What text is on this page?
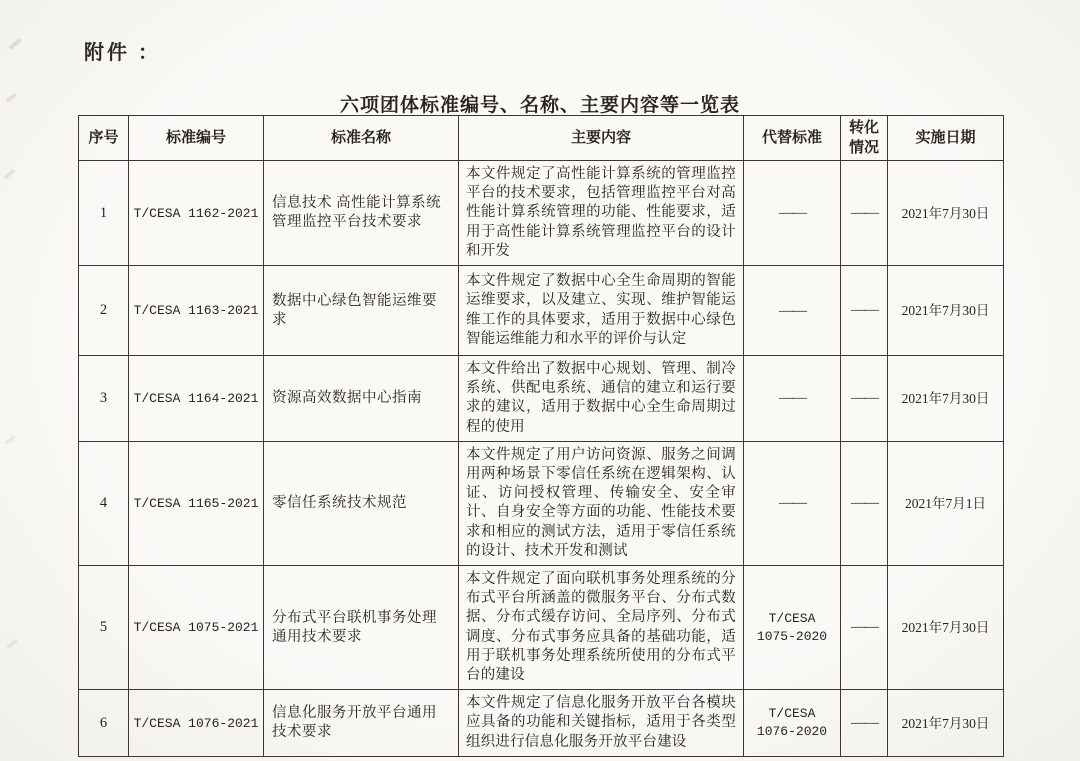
附件 ：
六项团体标准编号、名称、主要内容等一览表
序号	标准编号	标准名称	主要内容	代替标准	转化情况	实施日期
1	T/CESA 1162-2021	信息技术 高性能计算系统管理监控平台技术要求	本文件规定了高性能计算系统的管理监控平台的技术要求，包括管理监控平台对高性能计算系统管理的功能、性能要求，适用于高性能计算系统管理监控平台的设计和开发	——	——	2021年7月30日
2	T/CESA 1163-2021	数据中心绿色智能运维要求	本文件规定了数据中心全生命周期的智能运维要求，以及建立、实现、维护智能运维工作的具体要求，适用于数据中心绿色智能运维能力和水平的评价与认定	——	——	2021年7月30日
3	T/CESA 1164-2021	资源高效数据中心指南	本文件给出了数据中心规划、管理、制冷系统、供配电系统、通信的建立和运行要求的建议，适用于数据中心全生命周期过程的使用	——	——	2021年7月30日
4	T/CESA 1165-2021	零信任系统技术规范	本文件规定了用户访问资源、服务之间调用两种场景下零信任系统在逻辑架构、认证、访问授权管理、传输安全、安全审计、自身安全等方面的功能、性能技术要求和相应的测试方法，适用于零信任系统的设计、技术开发和测试	——	——	2021年7月1日
5	T/CESA 1075-2021	分布式平台联机事务处理通用技术要求	本文件规定了面向联机事务处理系统的分布式平台所涵盖的微服务平台、分布式数据、分布式缓存访问、全局序列、分布式调度、分布式事务应具备的基础功能，适用于联机事务处理系统所使用的分布式平台的建设	T/CESA 1075-2020	——	2021年7月30日
6	T/CESA 1076-2021	信息化服务开放平台通用技术要求	本文件规定了信息化服务开放平台各模块应具备的功能和关键指标，适用于各类型组织进行信息化服务开放平台建设	T/CESA 1076-2020	——	2021年7月30日
